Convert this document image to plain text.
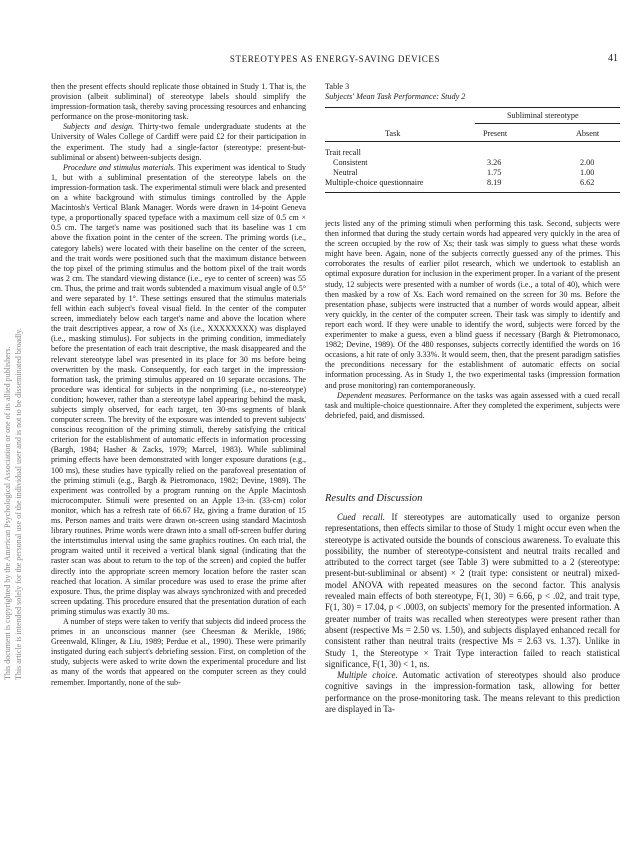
STEREOTYPES AS ENERGY-SAVING DEVICES	41
This document is copyrighted by the American Psychological Association or one of its allied publishers. This article is intended solely for the personal use of the individual user and is not to be disseminated broadly.

then the present effects should replicate those obtained in Study 1. That is, the provision (albeit subliminal) of stereotype labels should simplify the impression-formation task, thereby saving processing resources and enhancing performance on the prose-monitoring task.

Subjects and design. Thirty-two female undergraduate students at the University of Wales College of Cardiff were paid £2 for their participation in the experiment. The study had a single-factor (stereotype: present-but-subliminal or absent) between-subjects design.

Procedure and stimulus materials. This experiment was identical to Study 1, but with a subliminal presentation of the stereotype labels on the impression-formation task. The experimental stimuli were black and presented on a white background with stimulus timings controlled by the Apple Macintosh's Vertical Blank Manager. Words were drawn in 14-point Geneva type, a proportionally spaced typeface with a maximum cell size of 0.5 cm × 0.5 cm. The target's name was positioned such that its baseline was 1 cm above the fixation point in the center of the screen. The priming words (i.e., category labels) were located with their baseline on the center of the screen, and the trait words were positioned such that the maximum distance between the top pixel of the priming stimulus and the bottom pixel of the trait words was 2 cm. The standard viewing distance (i.e., eye to center of screen) was 55 cm. Thus, the prime and trait words subtended a maximum visual angle of 0.5° and were separated by 1°. These settings ensured that the stimulus materials fell within each subject's foveal visual field. In the center of the computer screen, immediately below each target's name and above the location where the trait descriptives appear, a row of Xs (i.e., XXXXXXXX) was displayed (i.e., masking stimulus). For subjects in the priming condition, immediately before the presentation of each trait descriptive, the mask disappeared and the relevant stereotype label was presented in its place for 30 ms before being overwritten by the mask. Consequently, for each target in the impression-formation task, the priming stimulus appeared on 10 separate occasions. The procedure was identical for subjects in the nonpriming (i.e., no-stereotype) condition; however, rather than a stereotype label appearing behind the mask, subjects simply observed, for each target, ten 30-ms segments of blank computer screen. The brevity of the exposure was intended to prevent subjects' conscious recognition of the priming stimuli, thereby satisfying the critical criterion for the establishment of automatic effects in information processing (Bargh, 1984; Hasher & Zacks, 1979; Marcel, 1983). While subliminal priming effects have been demonstrated with longer exposure durations (e.g., 100 ms), these studies have typically relied on the parafoveal presentation of the priming stimuli (e.g., Bargh & Pietromonaco, 1982; Devine, 1989). The experiment was controlled by a program running on the Apple Macintosh microcomputer. Stimuli were presented on an Apple 13-in. (33-cm) color monitor, which has a refresh rate of 66.67 Hz, giving a frame duration of 15 ms. Person names and traits were drawn on-screen using standard Macintosh library routines. Prime words were drawn into a small off-screen buffer during the intertstimulus interval using the same graphics routines. On each trial, the program waited until it received a vertical blank signal (indicating that the raster scan was about to return to the top of the screen) and copied the buffer directly into the appropriate screen memory location before the raster scan reached that location. A similar procedure was used to erase the prime after exposure. Thus, the prime display was always synchronized with and preceded screen updating. This procedure ensured that the presentation duration of each priming stimulus was exactly 30 ms.

A number of steps were taken to verify that subjects did indeed process the primes in an unconscious manner (see Cheesman & Merikle, 1986; Greenwald, Klinger, & Liu, 1989; Perdue et al., 1990). These were primarily instigated during each subject's debriefing session. First, on completion of the study, subjects were asked to write down the experimental procedure and list as many of the words that appeared on the computer screen as they could remember. Importantly, none of the sub-

Table 3
Subjects' Mean Task Performance: Study 2
Subliminal stereotype
Task	Present	Absent
Trait recall
Consistent	3.26	2.00
Neutral	1.75	1.00
Multiple-choice questionnaire	8.19	6.62

jects listed any of the priming stimuli when performing this task. Second, subjects were then informed that during the study certain words had appeared very quickly in the area of the screen occupied by the row of Xs; their task was simply to guess what these words might have been. Again, none of the subjects correctly guessed any of the primes. This corroborates the results of earlier pilot research, which we undertook to establish an optimal exposure duration for inclusion in the experiment proper. In a variant of the present study, 12 subjects were presented with a number of words (i.e., a total of 40), which were then masked by a row of Xs. Each word remained on the screen for 30 ms. Before the presentation phase, subjects were instructed that a number of words would appear, albeit very quickly, in the center of the computer screen. Their task was simply to identify and report each word. If they were unable to identify the word, subjects were forced by the experimenter to make a guess, even a blind guess if necessary (Bargh & Pietromonaco, 1982; Devine, 1989). Of the 480 responses, subjects correctly identified the words on 16 occasions, a hit rate of only 3.33%. It would seem, then, that the present paradigm satisfies the preconditions necessary for the establishment of automatic effects on social information processing. As in Study 1, the two experimental tasks (impression formation and prose monitoring) ran contemporaneously.

Dependent measures. Performance on the tasks was again assessed with a cued recall task and multiple-choice questionnaire. After they completed the experiment, subjects were debriefed, paid, and dismissed.

Results and Discussion

Cued recall. If stereotypes are automatically used to organize person representations, then effects similar to those of Study 1 might occur even when the stereotype is activated outside the bounds of conscious awareness. To evaluate this possibility, the number of stereotype-consistent and neutral traits recalled and attributed to the correct target (see Table 3) were submitted to a 2 (stereotype: present-but-subliminal or absent) × 2 (trait type: consistent or neutral) mixed-model ANOVA with repeated measures on the second factor. This analysis revealed main effects of both stereotype, F(1, 30) = 6.66, p < .02, and trait type, F(1, 30) = 17.04, p < .0003, on subjects' memory for the presented information. A greater number of traits was recalled when stereotypes were present rather than absent (respective Ms = 2.50 vs. 1.50), and subjects displayed enhanced recall for consistent rather than neutral traits (respective Ms = 2.63 vs. 1.37). Unlike in Study 1, the Stereotype × Trait Type interaction failed to reach statistical significance, F(1, 30) < 1, ns.

Multiple choice. Automatic activation of stereotypes should also produce cognitive savings in the impression-formation task, allowing for better performance on the prose-monitoring task. The means relevant to this prediction are displayed in Ta-
